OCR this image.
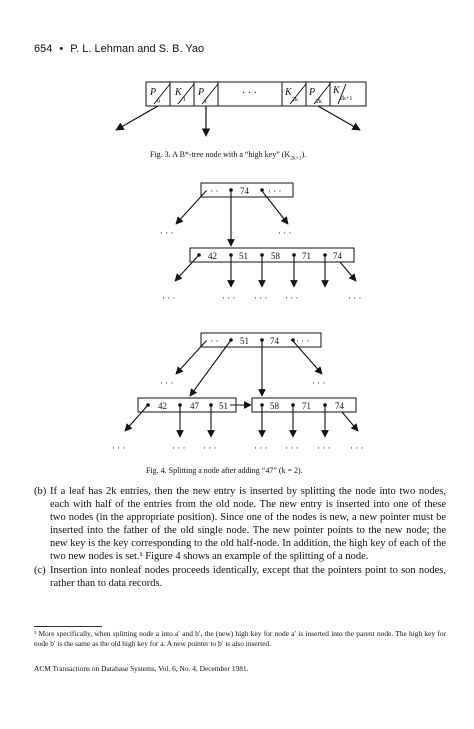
654 • P. L. Lehman and S. B. Yao
P
0
K
1
P
1
· · ·	K
2k
P
2k
K
2k+1
· · · 74 · · ·
42 51	58 71 74
· · ·	· · ·
· · ·	· · · · · · · · ·	· · ·
· · · 51 74 · · ·
42	47 51	58	71	74
· · ·	· · ·
· · ·	· · · · · ·	· · · · · · · · · · · ·
Fig. 3. A B*-tree node with a “high key” $(K_{2k+1})$.
Fig. 4. Splitting a node after adding “47” (k = 2).
(b) If a leaf has 2k entries, then the new entry is inserted by splitting the node into two nodes, each with half of the entries from the old node. The new entry is inserted into one of these two nodes (in the appropriate position). Since one of the nodes is new, a new pointer must be inserted into the father of the old single node. The new pointer points to the new node; the new key is the key corresponding to the old half-node. In addition, the high key of each of the two new nodes is set.¹ Figure 4 shows an example of the splitting of a node.
(c) Insertion into nonleaf nodes proceeds identically, except that the pointers point to son nodes, rather than to data records.
¹ More specifically, when splitting node a into a′ and b′, the (new) high key for node a′ is inserted into the parent node. The high key for node b′ is the same as the old high key for a. A new pointer to b′ is also inserted.
ACM Transactions on Database Systems, Vol. 6, No. 4, December 1981.
